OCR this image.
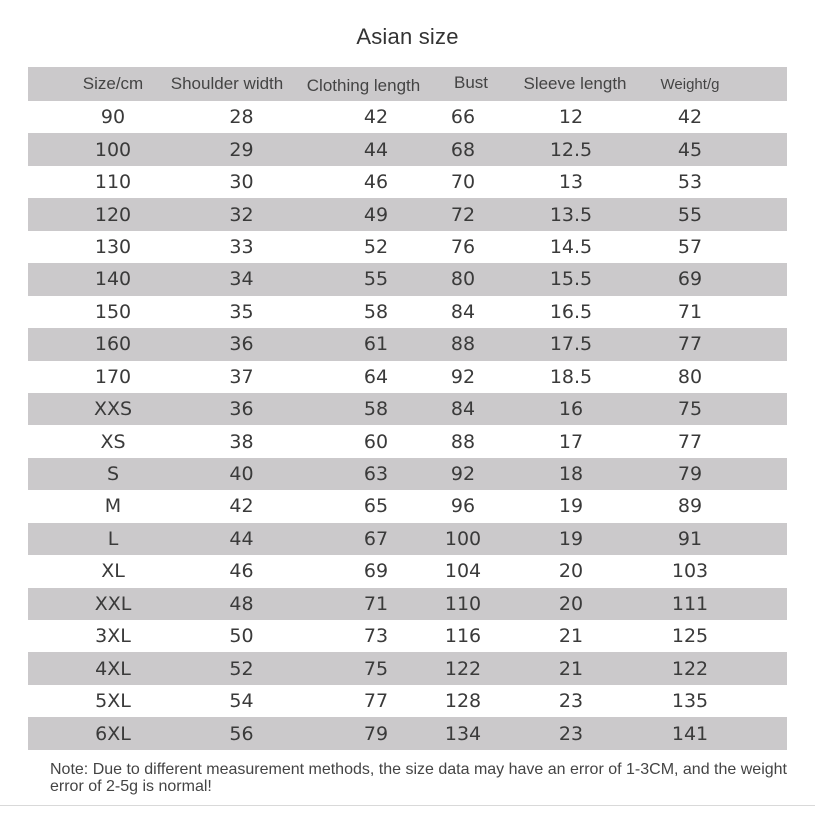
Asian size
Size/cm	Shoulder width	Clothing length	Bust	Sleeve length	Weight/g
90	28	42	66	12	42
100	29	44	68	12.5	45
110	30	46	70	13	53
120	32	49	72	13.5	55
130	33	52	76	14.5	57
140	34	55	80	15.5	69
150	35	58	84	16.5	71
160	36	61	88	17.5	77
170	37	64	92	18.5	80
XXS	36	58	84	16	75
XS	38	60	88	17	77
S	40	63	92	18	79
M	42	65	96	19	89
L	44	67	100	19	91
XL	46	69	104	20	103
XXL	48	71	110	20	111
3XL	50	73	116	21	125
4XL	52	75	122	21	122
5XL	54	77	128	23	135
6XL	56	79	134	23	141
Note: Due to different measurement methods, the size data may have an error of 1-3CM, and the weight error of 2-5g is normal!
